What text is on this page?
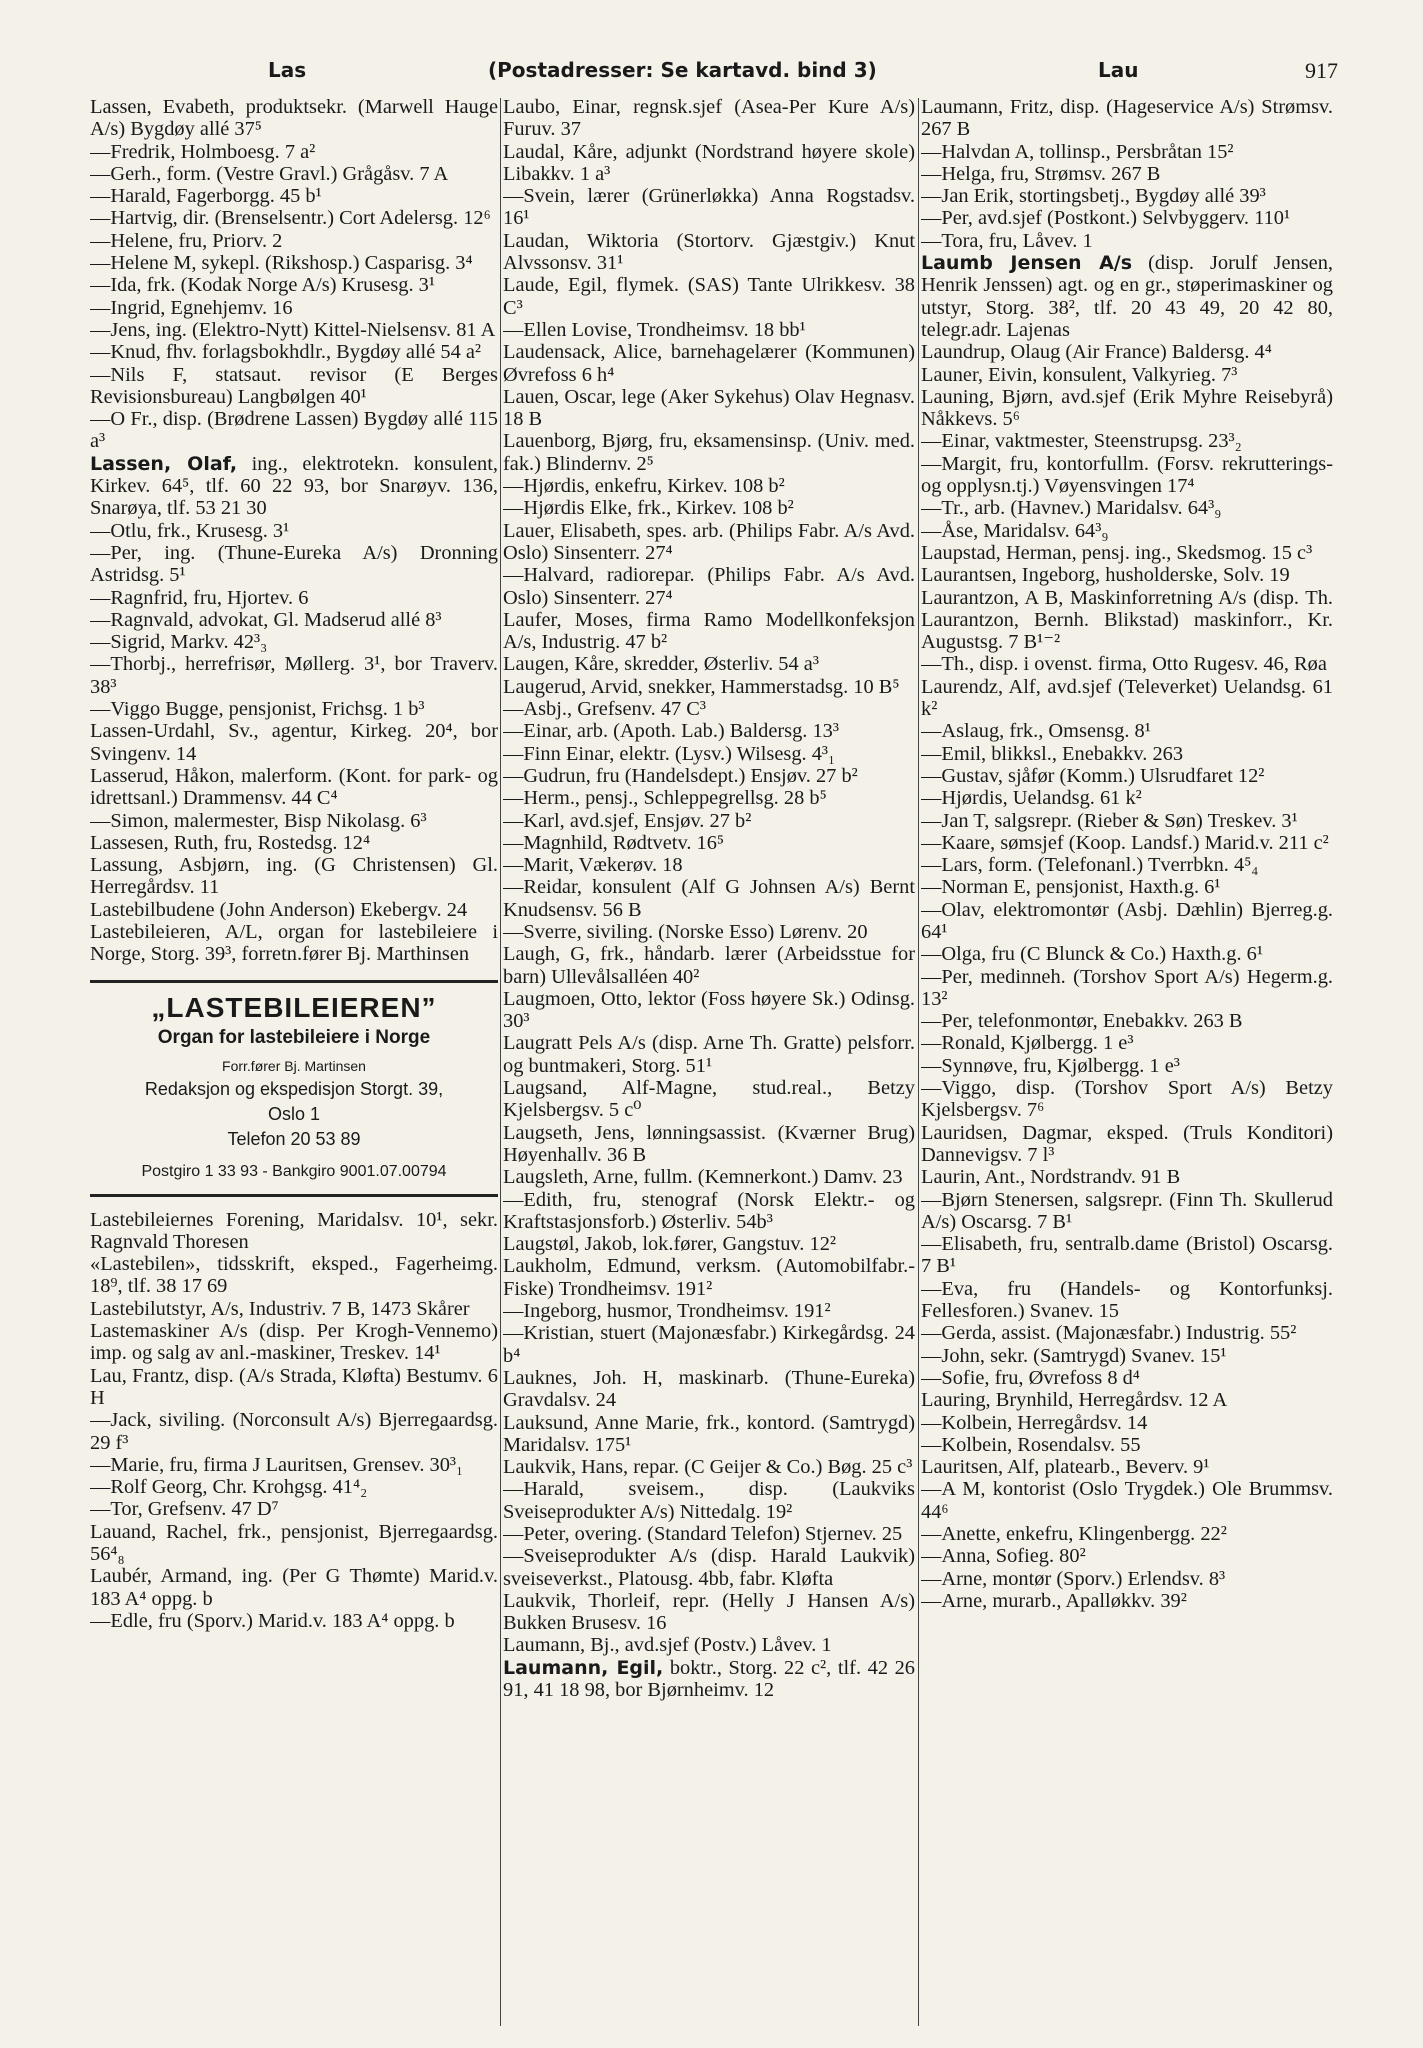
Las	(Postadresser: Se kartavd. bind 3)	Lau	917
Lassen, Evabeth, produktsekr. (Marwell Hauge A/s) Bygdøy allé 37⁵
—Fredrik, Holmboesg. 7 a²
—Gerh., form. (Vestre Gravl.) Grågåsv. 7 A
—Harald, Fagerborgg. 45 b¹
—Hartvig, dir. (Brenselsentr.) Cort Adelersg. 12⁶
—Helene, fru, Priorv. 2
—Helene M, sykepl. (Rikshosp.) Casparisg. 3⁴
—Ida, frk. (Kodak Norge A/s) Krusesg. 3¹
—Ingrid, Egnehjemv. 16
—Jens, ing. (Elektro-Nytt) Kittel-Nielsensv. 81 A
—Knud, fhv. forlagsbokhdlr., Bygdøy allé 54 a²
—Nils F, statsaut. revisor (E Berges Revisionsbureau) Langbølgen 40¹
—O Fr., disp. (Brødrene Lassen) Bygdøy allé 115 a³
Lassen, Olaf, ing., elektrotekn. konsulent, Kirkev. 64⁵, tlf. 60 22 93, bor Snarøyv. 136, Snarøya, tlf. 53 21 30
—Otlu, frk., Krusesg. 3¹
—Per, ing. (Thune-Eureka A/s) Dronning Astridsg. 5¹
—Ragnfrid, fru, Hjortev. 6
—Ragnvald, advokat, Gl. Madserud allé 8³
—Sigrid, Markv. 42³₃
—Thorbj., herrefrisør, Møllerg. 3¹, bor Traverv. 38³
—Viggo Bugge, pensjonist, Frichsg. 1 b³
Lassen-Urdahl, Sv., agentur, Kirkeg. 20⁴, bor Svingenv. 14
Lasserud, Håkon, malerform. (Kont. for park- og idrettsanl.) Drammensv. 44 C⁴
—Simon, malermester, Bisp Nikolasg. 6³
Lassesen, Ruth, fru, Rostedsg. 12⁴
Lassung, Asbjørn, ing. (G Christensen) Gl. Herregårdsv. 11
Lastebilbudene (John Anderson) Ekebergv. 24
Lastebileieren, A/L, organ for lastebileiere i Norge, Storg. 39³, forretn.fører Bj. Marthinsen
„LASTEBILEIEREN”
Organ for lastebileiere i Norge
Forr.fører Bj. Martinsen
Redaksjon og ekspedisjon Storgt. 39,
Oslo 1
Telefon 20 53 89
Postgiro 1 33 93 - Bankgiro 9001.07.00794
Lastebileiernes Forening, Maridalsv. 10¹, sekr. Ragnvald Thoresen
«Lastebilen», tidsskrift, eksped., Fagerheimg. 18⁹, tlf. 38 17 69
Lastebilutstyr, A/s, Industriv. 7 B, 1473 Skårer
Lastemaskiner A/s (disp. Per Krogh-Vennemo) imp. og salg av anl.-maskiner, Treskev. 14¹
Lau, Frantz, disp. (A/s Strada, Kløfta) Bestumv. 6 H
—Jack, siviling. (Norconsult A/s) Bjerregaardsg. 29 f³
—Marie, fru, firma J Lauritsen, Grensev. 30³₁
—Rolf Georg, Chr. Krohgsg. 41⁴₂
—Tor, Grefsenv. 47 D⁷
Lauand, Rachel, frk., pensjonist, Bjerregaardsg. 56⁴₈
Laubér, Armand, ing. (Per G Thømte) Marid.v. 183 A⁴ oppg. b
—Edle, fru (Sporv.) Marid.v. 183 A⁴ oppg. b
Laubo, Einar, regnsk.sjef (Asea-Per Kure A/s) Furuv. 37
Laudal, Kåre, adjunkt (Nordstrand høyere skole) Libakkv. 1 a³
—Svein, lærer (Grünerløkka) Anna Rogstadsv. 16¹
Laudan, Wiktoria (Stortorv. Gjæstgiv.) Knut Alvssonsv. 31¹
Laude, Egil, flymek. (SAS) Tante Ulrikkesv. 38 C³
—Ellen Lovise, Trondheimsv. 18 bb¹
Laudensack, Alice, barnehagelærer (Kommunen) Øvrefoss 6 h⁴
Lauen, Oscar, lege (Aker Sykehus) Olav Hegnasv. 18 B
Lauenborg, Bjørg, fru, eksamensinsp. (Univ. med. fak.) Blindernv. 2⁵
—Hjørdis, enkefru, Kirkev. 108 b²
—Hjørdis Elke, frk., Kirkev. 108 b²
Lauer, Elisabeth, spes. arb. (Philips Fabr. A/s Avd. Oslo) Sinsenterr. 27⁴
—Halvard, radiorepar. (Philips Fabr. A/s Avd. Oslo) Sinsenterr. 27⁴
Laufer, Moses, firma Ramo Modellkonfeksjon A/s, Industrig. 47 b²
Laugen, Kåre, skredder, Østerliv. 54 a³
Laugerud, Arvid, snekker, Hammerstadsg. 10 B⁵
—Asbj., Grefsenv. 47 C³
—Einar, arb. (Apoth. Lab.) Baldersg. 13³
—Finn Einar, elektr. (Lysv.) Wilsesg. 4³₁
—Gudrun, fru (Handelsdept.) Ensjøv. 27 b²
—Herm., pensj., Schleppegrellsg. 28 b⁵
—Karl, avd.sjef, Ensjøv. 27 b²
—Magnhild, Rødtvetv. 16⁵
—Marit, Vækerøv. 18
—Reidar, konsulent (Alf G Johnsen A/s) Bernt Knudsensv. 56 B
—Sverre, siviling. (Norske Esso) Lørenv. 20
Laugh, G, frk., håndarb. lærer (Arbeidsstue for barn) Ullevålsalléen 40²
Laugmoen, Otto, lektor (Foss høyere Sk.) Odinsg. 30³
Laugratt Pels A/s (disp. Arne Th. Gratte) pelsforr. og buntmakeri, Storg. 51¹
Laugsand, Alf-Magne, stud.real., Betzy Kjelsbergsv. 5 c⁰
Laugseth, Jens, lønningsassist. (Kværner Brug) Høyenhallv. 36 B
Laugsleth, Arne, fullm. (Kemnerkont.) Damv. 23
—Edith, fru, stenograf (Norsk Elektr.- og Kraftstasjonsforb.) Østerliv. 54b³
Laugstøl, Jakob, lok.fører, Gangstuv. 12²
Laukholm, Edmund, verksm. (Automobilfabr.-Fiske) Trondheimsv. 191²
—Ingeborg, husmor, Trondheimsv. 191²
—Kristian, stuert (Majonæsfabr.) Kirkegårdsg. 24 b⁴
Lauknes, Joh. H, maskinarb. (Thune-Eureka) Gravdalsv. 24
Lauksund, Anne Marie, frk., kontord. (Samtrygd) Maridalsv. 175¹
Laukvik, Hans, repar. (C Geijer & Co.) Bøg. 25 c³
—Harald, sveisem., disp. (Laukviks Sveiseprodukter A/s) Nittedalg. 19²
—Peter, overing. (Standard Telefon) Stjernev. 25
—Sveiseprodukter A/s (disp. Harald Laukvik) sveiseverkst., Platousg. 4bb, fabr. Kløfta
Laukvik, Thorleif, repr. (Helly J Hansen A/s) Bukken Brusesv. 16
Laumann, Bj., avd.sjef (Postv.) Låvev. 1
Laumann, Egil, boktr., Storg. 22 c², tlf. 42 26 91, 41 18 98, bor Bjørnheimv. 12
Laumann, Fritz, disp. (Hageservice A/s) Strømsv. 267 B
—Halvdan A, tollinsp., Persbråtan 15²
—Helga, fru, Strømsv. 267 B
—Jan Erik, stortingsbetj., Bygdøy allé 39³
—Per, avd.sjef (Postkont.) Selvbyggerv. 110¹
—Tora, fru, Låvev. 1
Laumb Jensen A/s (disp. Jorulf Jensen, Henrik Jenssen) agt. og en gr., støperimaskiner og utstyr, Storg. 38², tlf. 20 43 49, 20 42 80, telegr.adr. Lajenas
Laundrup, Olaug (Air France) Baldersg. 4⁴
Launer, Eivin, konsulent, Valkyrieg. 7³
Launing, Bjørn, avd.sjef (Erik Myhre Reisebyrå) Nåkkevs. 5⁶
—Einar, vaktmester, Steenstrupsg. 23³₂
—Margit, fru, kontorfullm. (Forsv. rekrutterings- og opplysn.tj.) Vøyensvingen 17⁴
—Tr., arb. (Havnev.) Maridalsv. 64³₉
—Åse, Maridalsv. 64³₉
Laupstad, Herman, pensj. ing., Skedsmog. 15 c³
Laurantsen, Ingeborg, husholderske, Solv. 19
Laurantzon, A B, Maskinforretning A/s (disp. Th. Laurantzon, Bernh. Blikstad) maskinforr., Kr. Augustsg. 7 B¹⁻²
—Th., disp. i ovenst. firma, Otto Rugesv. 46, Røa
Laurendz, Alf, avd.sjef (Televerket) Uelandsg. 61 k²
—Aslaug, frk., Omsensg. 8¹
—Emil, blikksl., Enebakkv. 263
—Gustav, sjåfør (Komm.) Ulsrudfaret 12²
—Hjørdis, Uelandsg. 61 k²
—Jan T, salgsrepr. (Rieber & Søn) Treskev. 3¹
—Kaare, sømsjef (Koop. Landsf.) Marid.v. 211 c²
—Lars, form. (Telefonanl.) Tverrbkn. 4⁵₄
—Norman E, pensjonist, Haxth.g. 6¹
—Olav, elektromontør (Asbj. Dæhlin) Bjerreg.g. 64¹
—Olga, fru (C Blunck & Co.) Haxth.g. 6¹
—Per, medinneh. (Torshov Sport A/s) Hegerm.g. 13²
—Per, telefonmontør, Enebakkv. 263 B
—Ronald, Kjølbergg. 1 e³
—Synnøve, fru, Kjølbergg. 1 e³
—Viggo, disp. (Torshov Sport A/s) Betzy Kjelsbergsv. 7⁶
Lauridsen, Dagmar, eksped. (Truls Konditori) Dannevigsv. 7 l³
Laurin, Ant., Nordstrandv. 91 B
—Bjørn Stenersen, salgsrepr. (Finn Th. Skullerud A/s) Oscarsg. 7 B¹
—Elisabeth, fru, sentralb.dame (Bristol) Oscarsg. 7 B¹
—Eva, fru (Handels- og Kontorfunksj. Fellesforen.) Svanev. 15
—Gerda, assist. (Majonæsfabr.) Industrig. 55²
—John, sekr. (Samtrygd) Svanev. 15¹
—Sofie, fru, Øvrefoss 8 d⁴
Lauring, Brynhild, Herregårdsv. 12 A
—Kolbein, Herregårdsv. 14
—Kolbein, Rosendalsv. 55
Lauritsen, Alf, platearb., Beverv. 9¹
—A M, kontorist (Oslo Trygdek.) Ole Brummsv. 44⁶
—Anette, enkefru, Klingenbergg. 22²
—Anna, Sofieg. 80²
—Arne, montør (Sporv.) Erlendsv. 8³
—Arne, murarb., Apalløkkv. 39²
